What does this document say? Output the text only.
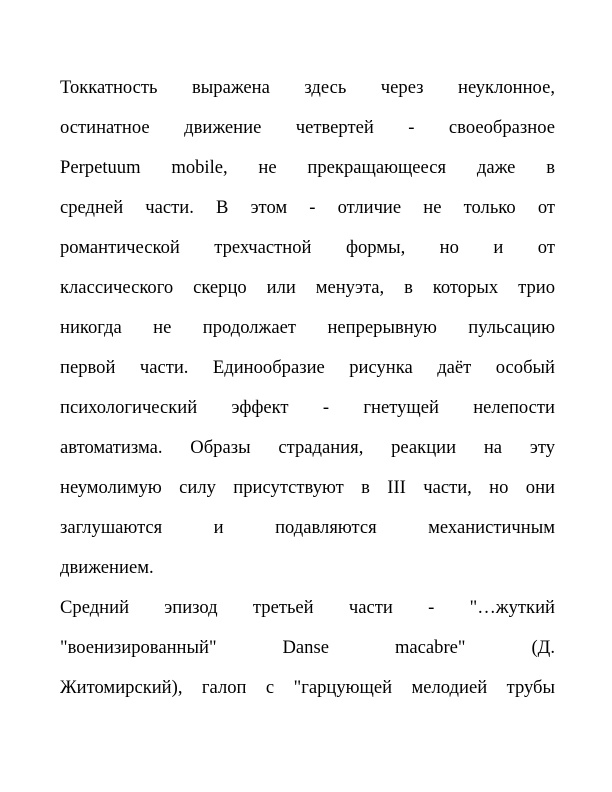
Токкатность выражена здесь через неуклонное,
остинатное движение четвертей - своеобразное
Perpetuum mobile, не прекращающееся даже в
средней части. В этом - отличие не только от
романтической трехчастной формы, но и от
классического скерцо или менуэта, в которых трио
никогда не продолжает непрерывную пульсацию
первой части. Единообразие рисунка даёт особый
психологический эффект - гнетущей нелепости
автоматизма. Образы страдания, реакции на эту
неумолимую силу присутствуют в III части, но они
заглушаются и подавляются механистичным
движением.
Средний эпизод третьей части - "…жуткий
"военизированный" Danse macabre" (Д.
Житомирский), галоп с "гарцующей мелодией трубы
